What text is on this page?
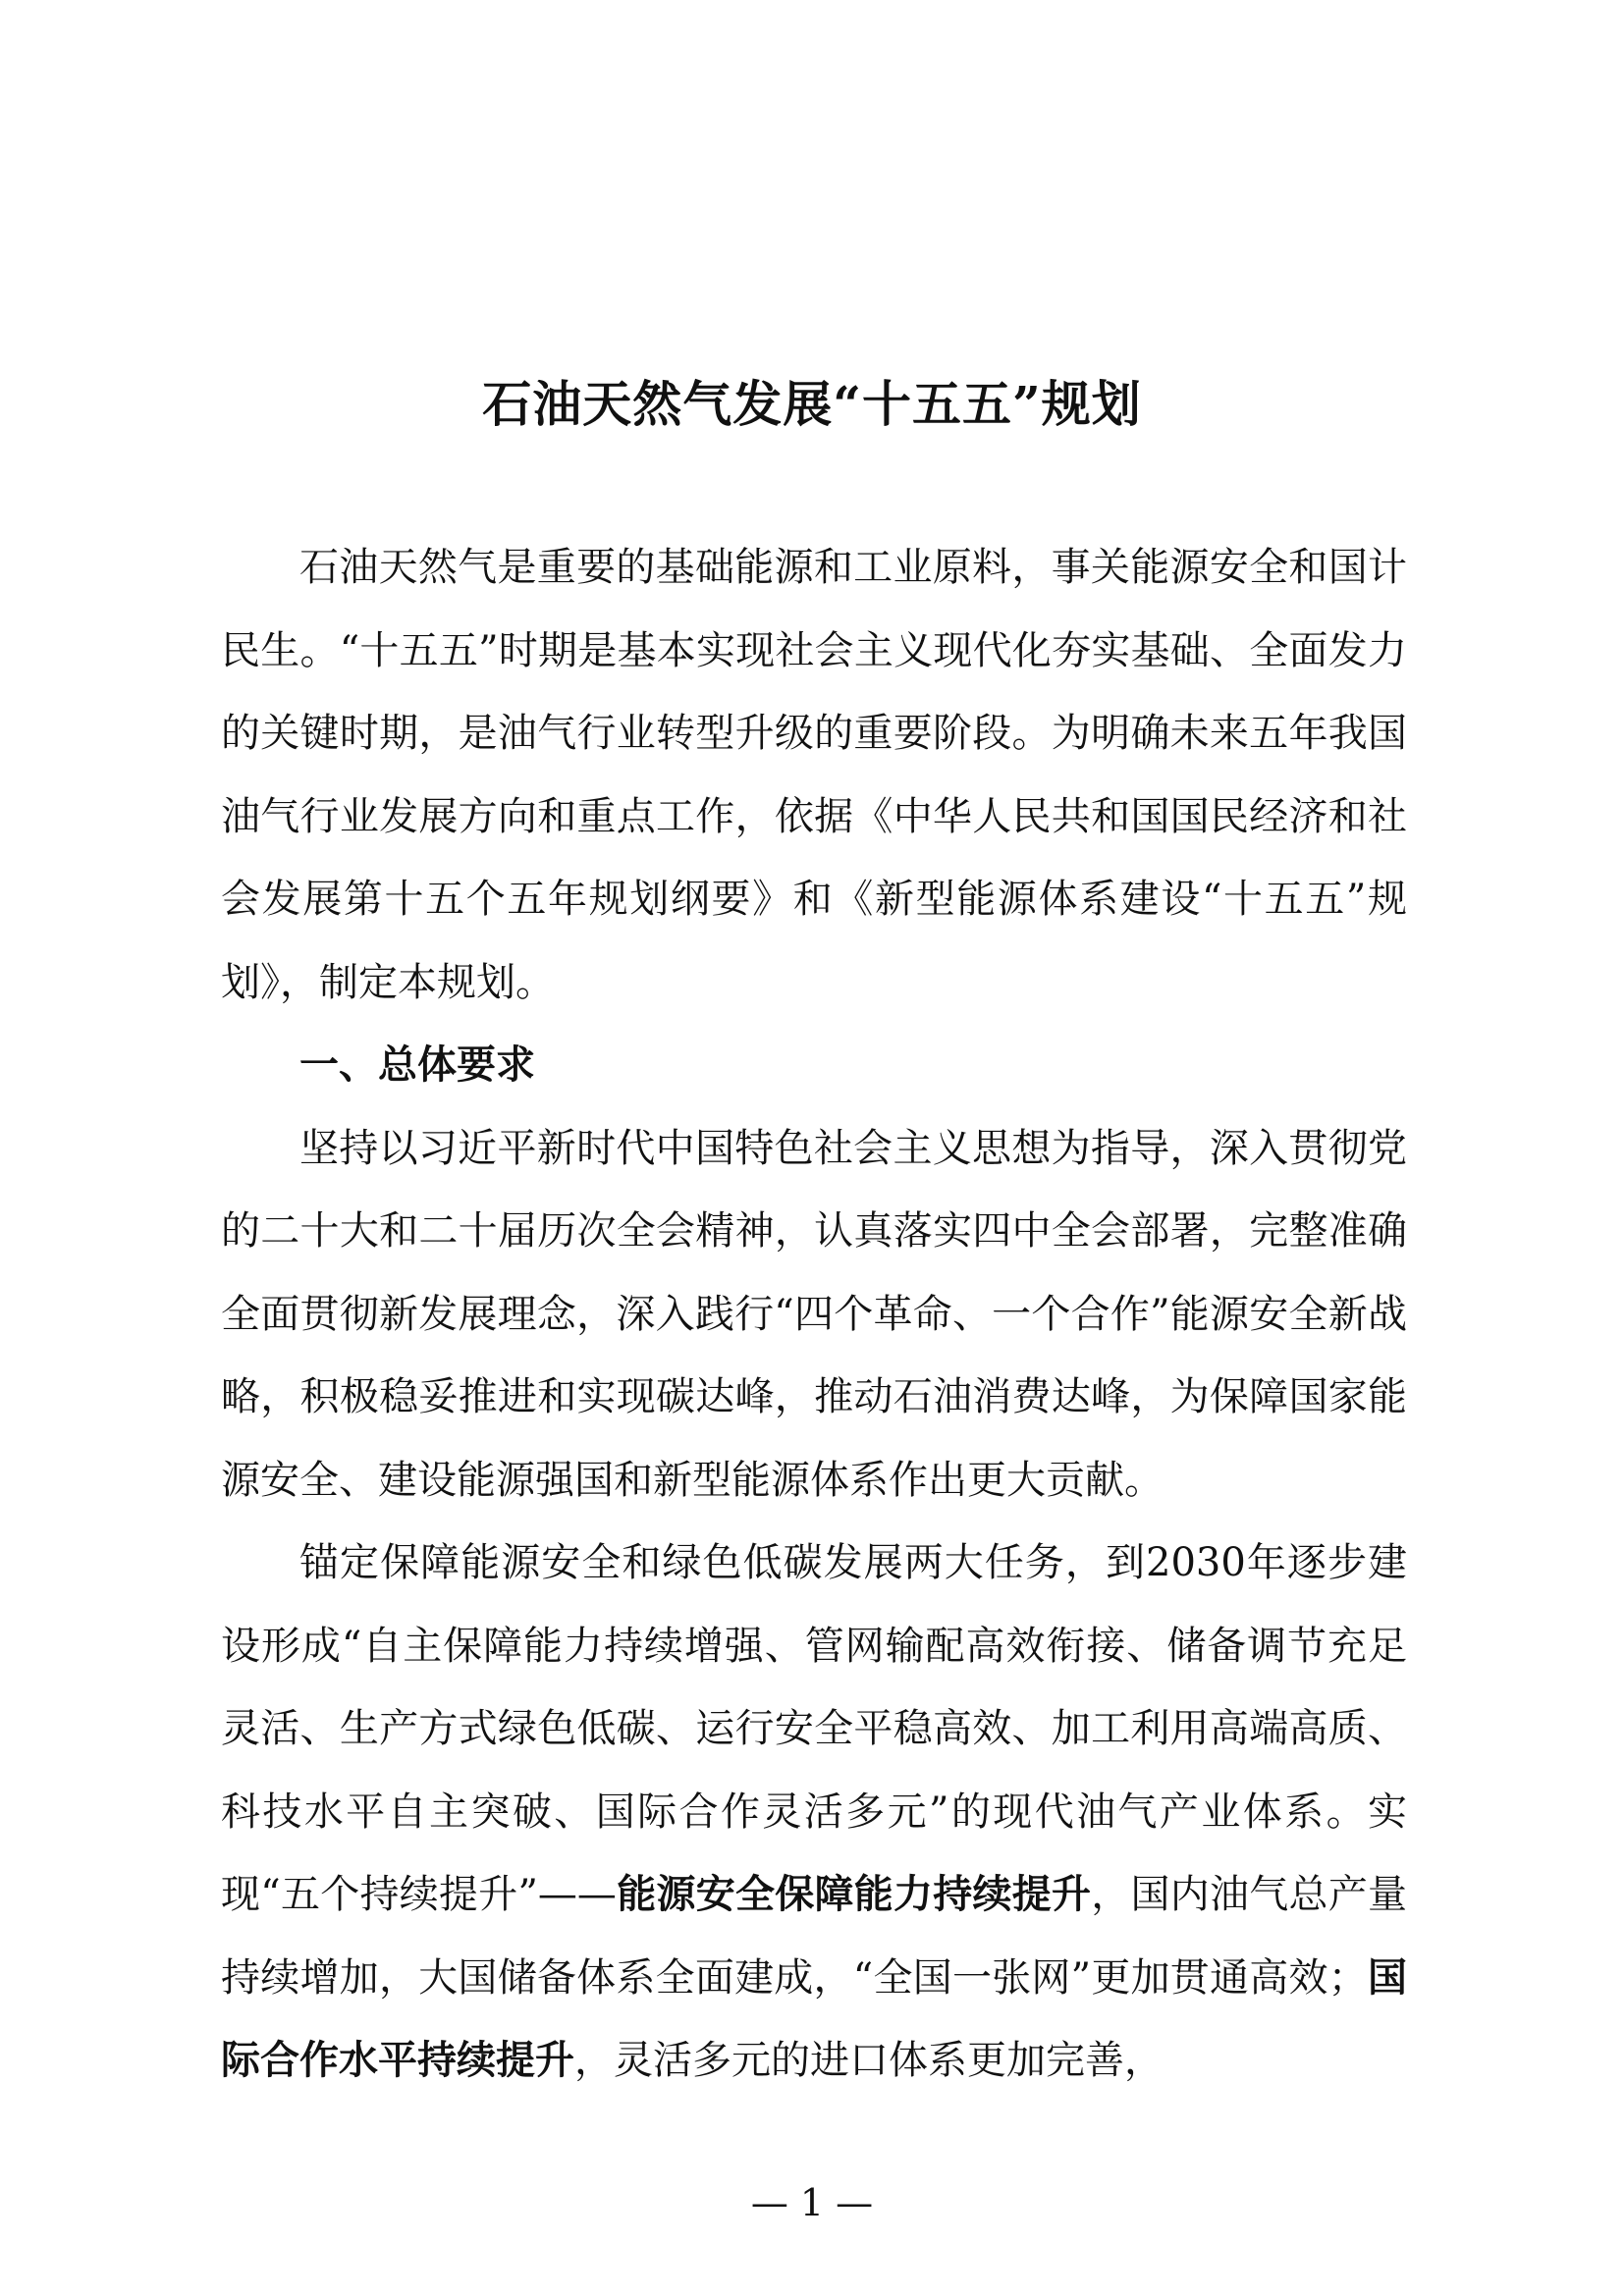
石油天然气发展“十五五”规划

石油天然气是重要的基础能源和工业原料，事关能源安全和国计民生。“十五五”时期是基本实现社会主义现代化夯实基础、全面发力的关键时期，是油气行业转型升级的重要阶段。为明确未来五年我国油气行业发展方向和重点工作，依据《中华人民共和国国民经济和社会发展第十五个五年规划纲要》和《新型能源体系建设“十五五”规划》，制定本规划。

一、总体要求

坚持以习近平新时代中国特色社会主义思想为指导，深入贯彻党的二十大和二十届历次全会精神，认真落实四中全会部署，完整准确全面贯彻新发展理念，深入践行“四个革命、一个合作”能源安全新战略，积极稳妥推进和实现碳达峰，推动石油消费达峰，为保障国家能源安全、建设能源强国和新型能源体系作出更大贡献。

锚定保障能源安全和绿色低碳发展两大任务，到2030年逐步建设形成“自主保障能力持续增强、管网输配高效衔接、储备调节充足灵活、生产方式绿色低碳、运行安全平稳高效、加工利用高端高质、科技水平自主突破、国际合作灵活多元”的现代油气产业体系。实现“五个持续提升”——能源安全保障能力持续提升，国内油气总产量持续增加，大国储备体系全面建成，“全国一张网”更加贯通高效；国际合作水平持续提升，灵活多元的进口体系更加完善，

— 1 —
